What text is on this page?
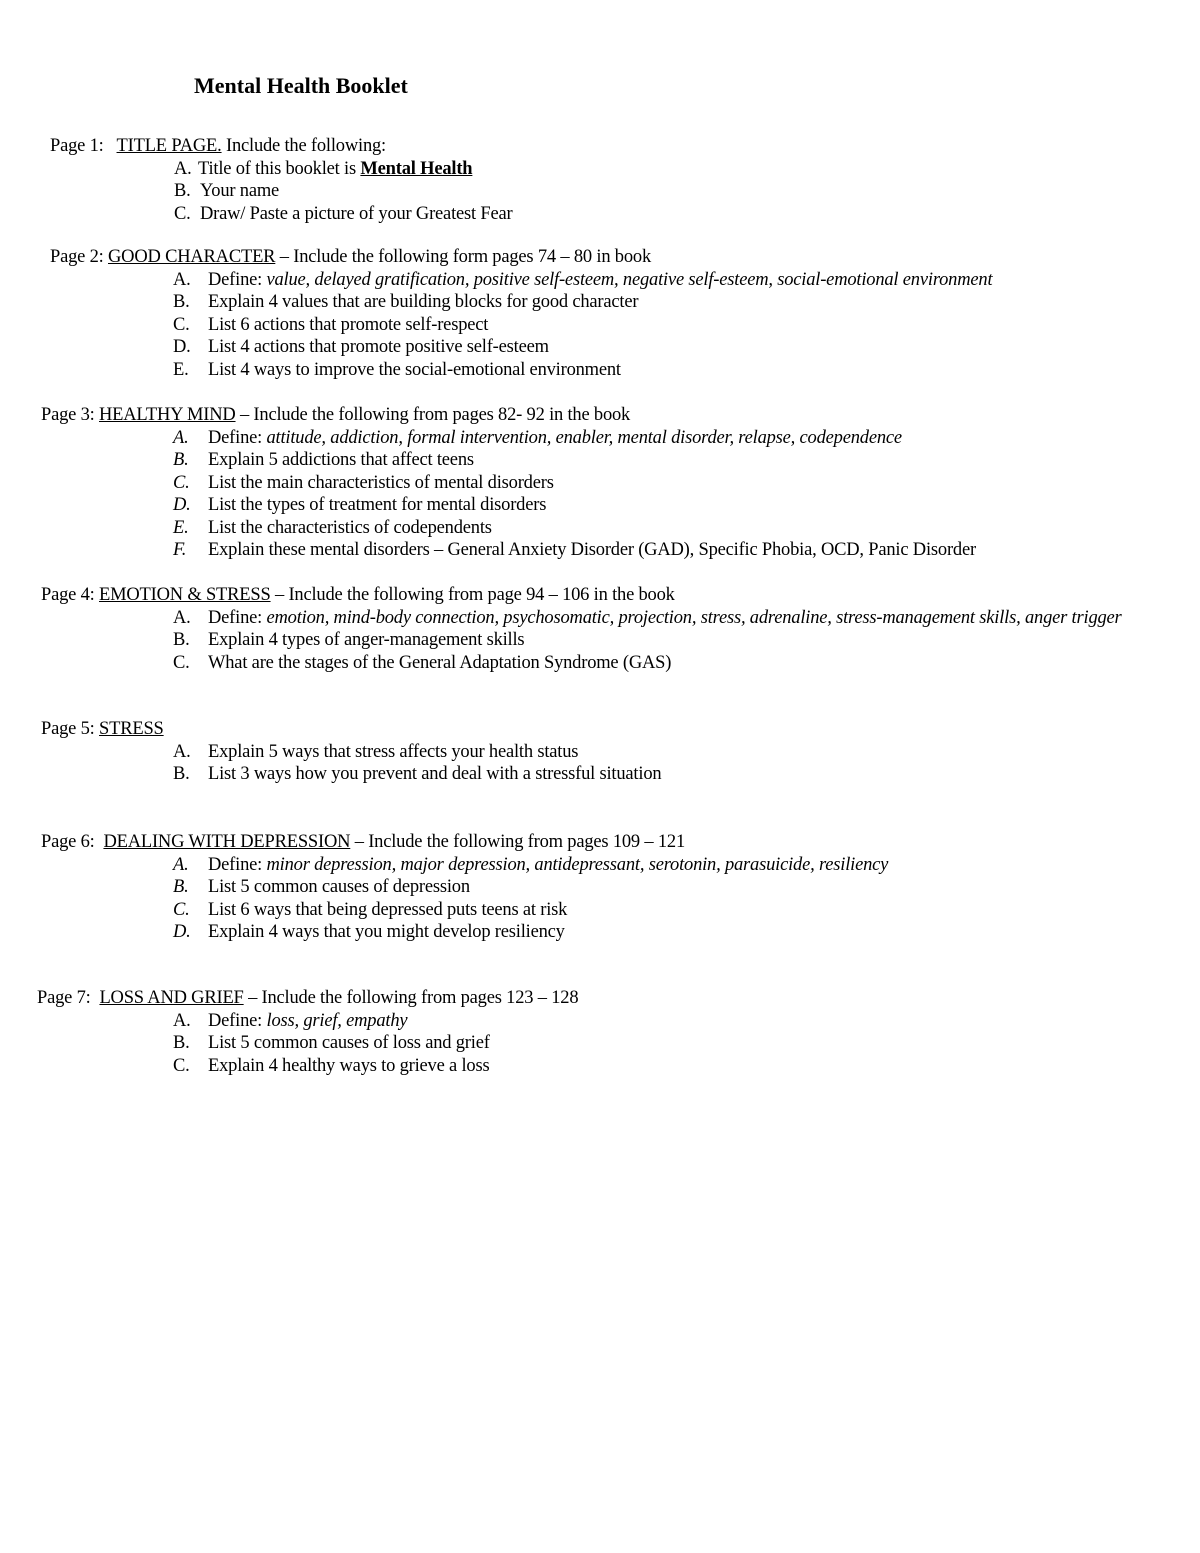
Mental Health Booklet
Page 1: TITLE PAGE. Include the following:
A. Title of this booklet is Mental Health
B. Your name
C. Draw/ Paste a picture of your Greatest Fear
Page 2: GOOD CHARACTER – Include the following form pages 74 – 80 in book
A. Define: value, delayed gratification, positive self-esteem, negative self-esteem, social-emotional environment
B. Explain 4 values that are building blocks for good character
C. List 6 actions that promote self-respect
D. List 4 actions that promote positive self-esteem
E.	List 4 ways to improve the social-emotional environment
Page 3: HEALTHY MIND – Include the following from pages 82- 92 in the book
A.	Define: attitude, addiction, formal intervention, enabler, mental disorder, relapse, codependence
B.	Explain 5 addictions that affect teens
C. List the main characteristics of mental disorders
D. List the types of treatment for mental disorders
E.	List the characteristics of codependents
F.	Explain these mental disorders – General Anxiety Disorder (GAD), Specific Phobia, OCD, Panic Disorder
Page 4: EMOTION & STRESS – Include the following from page 94 – 106 in the book
A. Define: emotion, mind-body connection, psychosomatic, projection, stress, adrenaline, stress-management skills, anger trigger
B. Explain 4 types of anger-management skills
C. What are the stages of the General Adaptation Syndrome (GAS)
Page 5: STRESS
A. Explain 5 ways that stress affects your health status
B. List 3 ways how you prevent and deal with a stressful situation
Page 6: DEALING WITH DEPRESSION – Include the following from pages 109 – 121
A.	Define: minor depression, major depression, antidepressant, serotonin, parasuicide, resiliency
B.	List 5 common causes of depression
C. List 6 ways that being depressed puts teens at risk
D. Explain 4 ways that you might develop resiliency
Page 7: LOSS AND GRIEF – Include the following from pages 123 – 128
A. Define: loss, grief, empathy
B. List 5 common causes of loss and grief
C. Explain 4 healthy ways to grieve a loss
